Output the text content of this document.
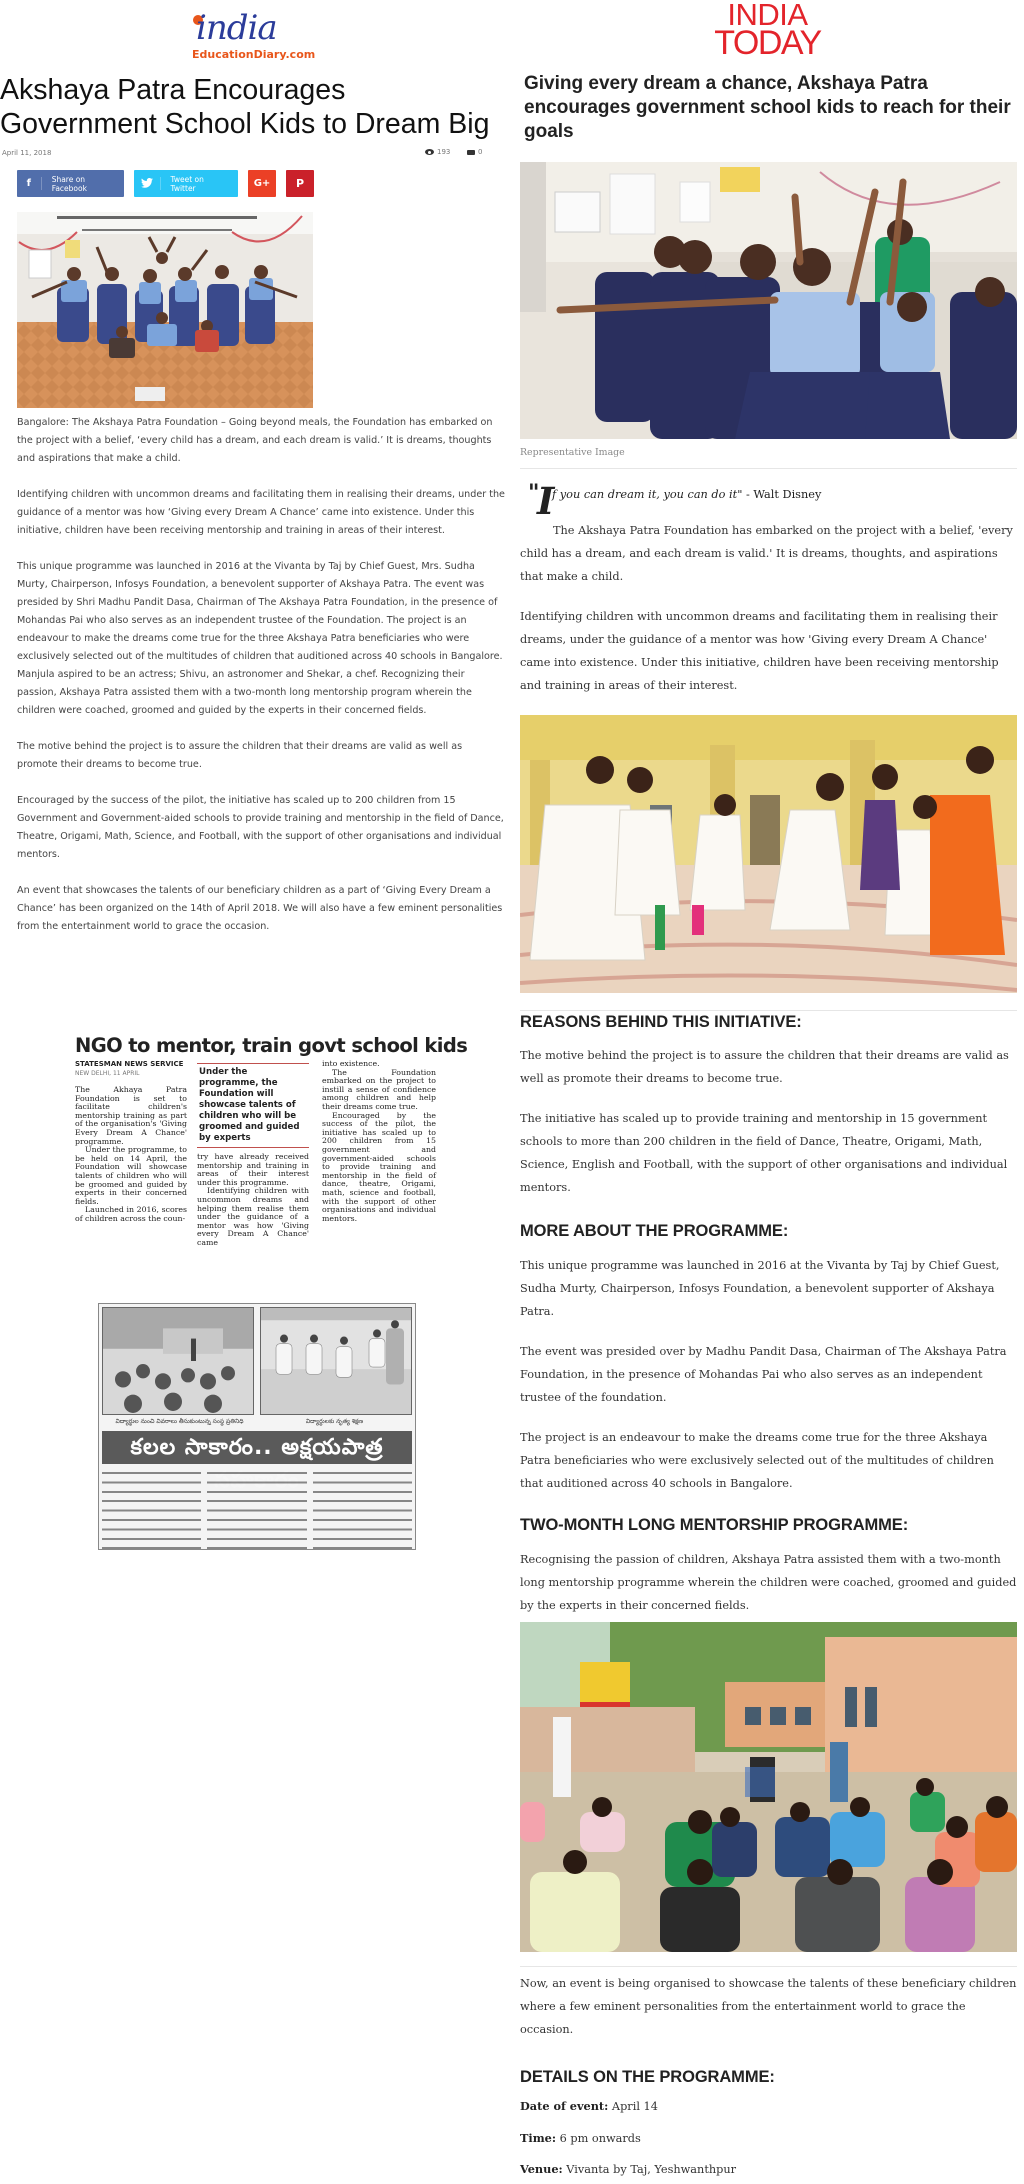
india
EducationDiary.com
Akshaya Patra Encourages Government School Kids to Dream Big
April 11, 2018	193	0
f	Share on Facebook
Tweet on Twitter	G+ P

Bangalore: The Akshaya Patra Foundation – Going beyond meals, the Foundation has embarked on the project with a belief, ‘every child has a dream, and each dream is valid.’ It is dreams, thoughts and aspirations that make a child.

Identifying children with uncommon dreams and facilitating them in realising their dreams, under the guidance of a mentor was how ‘Giving every Dream A Chance’ came into existence. Under this initiative, children have been receiving mentorship and training in areas of their interest.

This unique programme was launched in 2016 at the Vivanta by Taj by Chief Guest, Mrs. Sudha Murty, Chairperson, Infosys Foundation, a benevolent supporter of Akshaya Patra. The event was presided by Shri Madhu Pandit Dasa, Chairman of The Akshaya Patra Foundation, in the presence of Mohandas Pai who also serves as an independent trustee of the Foundation. The project is an endeavour to make the dreams come true for the three Akshaya Patra beneficiaries who were exclusively selected out of the multitudes of children that auditioned across 40 schools in Bangalore. Manjula aspired to be an actress; Shivu, an astronomer and Shekar, a chef. Recognizing their passion, Akshaya Patra assisted them with a two-month long mentorship program wherein the children were coached, groomed and guided by the experts in their concerned fields.

The motive behind the project is to assure the children that their dreams are valid as well as promote their dreams to become true.

Encouraged by the success of the pilot, the initiative has scaled up to 200 children from 15 Government and Government-aided schools to provide training and mentorship in the field of Dance, Theatre, Origami, Math, Science, and Football, with the support of other organisations and individual mentors.

An event that showcases the talents of our beneficiary children as a part of ‘Giving Every Dream a Chance’ has been organized on the 14th of April 2018. We will also have a few eminent personalities from the entertainment world to grace the occasion.

NGO to mentor, train govt school kids
STATESMAN NEWS SERVICE
NEW DELHI, 11 APRIL
The Akhaya Patra Foundation is set to facilitate children's mentorship training as part of the organisation's 'Giving Every Dream A Chance' programme.
Under the programme, to be held on 14 April, the Foundation will showcase talents of children who will be groomed and guided by experts in their concerned fields.
Launched in 2016, scores of children across the coun-
Under the programme, the Foundation will showcase talents of children who will be groomed and guided by experts
try have already received mentorship and training in areas of their interest under this programme.
Identifying children with uncommon dreams and helping them realise them under the guidance of a mentor was how 'Giving every Dream A Chance' came
into existence.
The Foundation embarked on the project to instill a sense of confidence among children and help their dreams come true.
Encouraged by the success of the pilot, the initiative has scaled up to 200 children from 15 government and government-aided schools to provide training and mentorship in the field of dance, theatre, Origami, math, science and football, with the support of other organisations and individual mentors.
విద్యార్థుల నుంచి వివరాలు తీసుకుంటున్న సంస్థ ప్రతినిధి	విద్యార్థులకు నృత్య శిక్షణ
కలల సాకారం.. అక్షయపాత్ర
INDIA
TODAY
Giving every dream a chance, Akshaya Patra encourages government school kids to reach for their goals
Representative Image
"
I
f you can dream it, you can do it" - Walt Disney

The Akshaya Patra Foundation has embarked on the project with a belief, 'every child has a dream, and each dream is valid.' It is dreams, thoughts, and aspirations that make a child.

Identifying children with uncommon dreams and facilitating them in realising their dreams, under the guidance of a mentor was how 'Giving every Dream A Chance' came into existence. Under this initiative, children have been receiving mentorship and training in areas of their interest.

REASONS BEHIND THIS INITIATIVE:

The motive behind the project is to assure the children that their dreams are valid as well as promote their dreams to become true.

The initiative has scaled up to provide training and mentorship in 15 government schools to more than 200 children in the field of Dance, Theatre, Origami, Math, Science, English and Football, with the support of other organisations and individual mentors.

MORE ABOUT THE PROGRAMME:

This unique programme was launched in 2016 at the Vivanta by Taj by Chief Guest, Sudha Murty, Chairperson, Infosys Foundation, a benevolent supporter of Akshaya Patra.

The event was presided over by Madhu Pandit Dasa, Chairman of The Akshaya Patra Foundation, in the presence of Mohandas Pai who also serves as an independent trustee of the foundation.

The project is an endeavour to make the dreams come true for the three Akshaya Patra beneficiaries who were exclusively selected out of the multitudes of children that auditioned across 40 schools in Bangalore.

TWO-MONTH LONG MENTORSHIP PROGRAMME:

Recognising the passion of children, Akshaya Patra assisted them with a two-month long mentorship programme wherein the children were coached, groomed and guided by the experts in their concerned fields.

Now, an event is being organised to showcase the talents of these beneficiary children where a few eminent personalities from the entertainment world to grace the occasion.

DETAILS ON THE PROGRAMME:
Date of event: April 14
Time: 6 pm onwards
Venue: Vivanta by Taj, Yeshwanthpur
